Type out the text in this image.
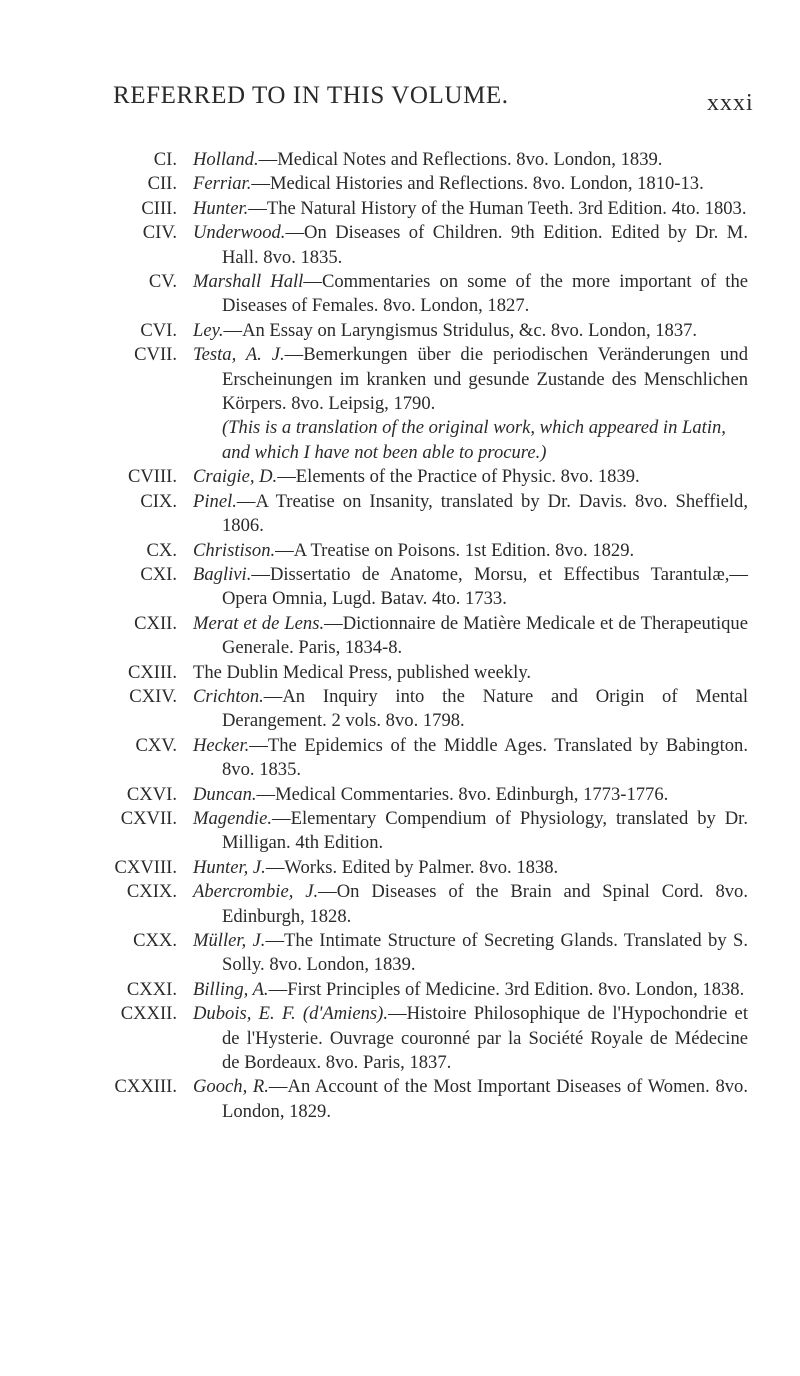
REFERRED TO IN THIS VOLUME.	xxxi
CI. Holland.—Medical Notes and Reflections. 8vo. London, 1839.
CII. Ferriar.—Medical Histories and Reflections. 8vo. London, 1810-13.
CIII. Hunter.—The Natural History of the Human Teeth. 3rd Edition. 4to. 1803.
CIV. Underwood.—On Diseases of Children. 9th Edition. Edited by Dr. M. Hall. 8vo. 1835.
CV. Marshall Hall—Commentaries on some of the more important of the Diseases of Females. 8vo. London, 1827.
CVI. Ley.—An Essay on Laryngismus Stridulus, &c. 8vo. London, 1837.
CVII. Testa, A. J.—Bemerkungen über die periodischen Veränderungen und Erscheinungen im kranken und gesunde Zustande des Menschlichen Körpers. 8vo. Leipsig, 1790.
(This is a translation of the original work, which appeared in Latin, and which I have not been able to procure.)
CVIII. Craigie, D.—Elements of the Practice of Physic. 8vo. 1839.
CIX. Pinel.—A Treatise on Insanity, translated by Dr. Davis. 8vo. Sheffield, 1806.
CX. Christison.—A Treatise on Poisons. 1st Edition. 8vo. 1829.
CXI. Baglivi.—Dissertatio de Anatome, Morsu, et Effectibus Tarantulæ,—Opera Omnia, Lugd. Batav. 4to. 1733.
CXII. Merat et de Lens.—Dictionnaire de Matière Medicale et de Therapeutique Generale. Paris, 1834-8.
CXIII. The Dublin Medical Press, published weekly.
CXIV. Crichton.—An Inquiry into the Nature and Origin of Mental Derangement. 2 vols. 8vo. 1798.
CXV. Hecker.—The Epidemics of the Middle Ages. Translated by Babington. 8vo. 1835.
CXVI. Duncan.—Medical Commentaries. 8vo. Edinburgh, 1773-1776.
CXVII. Magendie.—Elementary Compendium of Physiology, translated by Dr. Milligan. 4th Edition.
CXVIII. Hunter, J.—Works. Edited by Palmer. 8vo. 1838.
CXIX. Abercrombie, J.—On Diseases of the Brain and Spinal Cord. 8vo. Edinburgh, 1828.
CXX. Müller, J.—The Intimate Structure of Secreting Glands. Translated by S. Solly. 8vo. London, 1839.
CXXI. Billing, A.—First Principles of Medicine. 3rd Edition. 8vo. London, 1838.
CXXII. Dubois, E. F. (d'Amiens).—Histoire Philosophique de l'Hypochondrie et de l'Hysterie. Ouvrage couronné par la Société Royale de Médecine de Bordeaux. 8vo. Paris, 1837.
CXXIII. Gooch, R.—An Account of the Most Important Diseases of Women. 8vo. London, 1829.
